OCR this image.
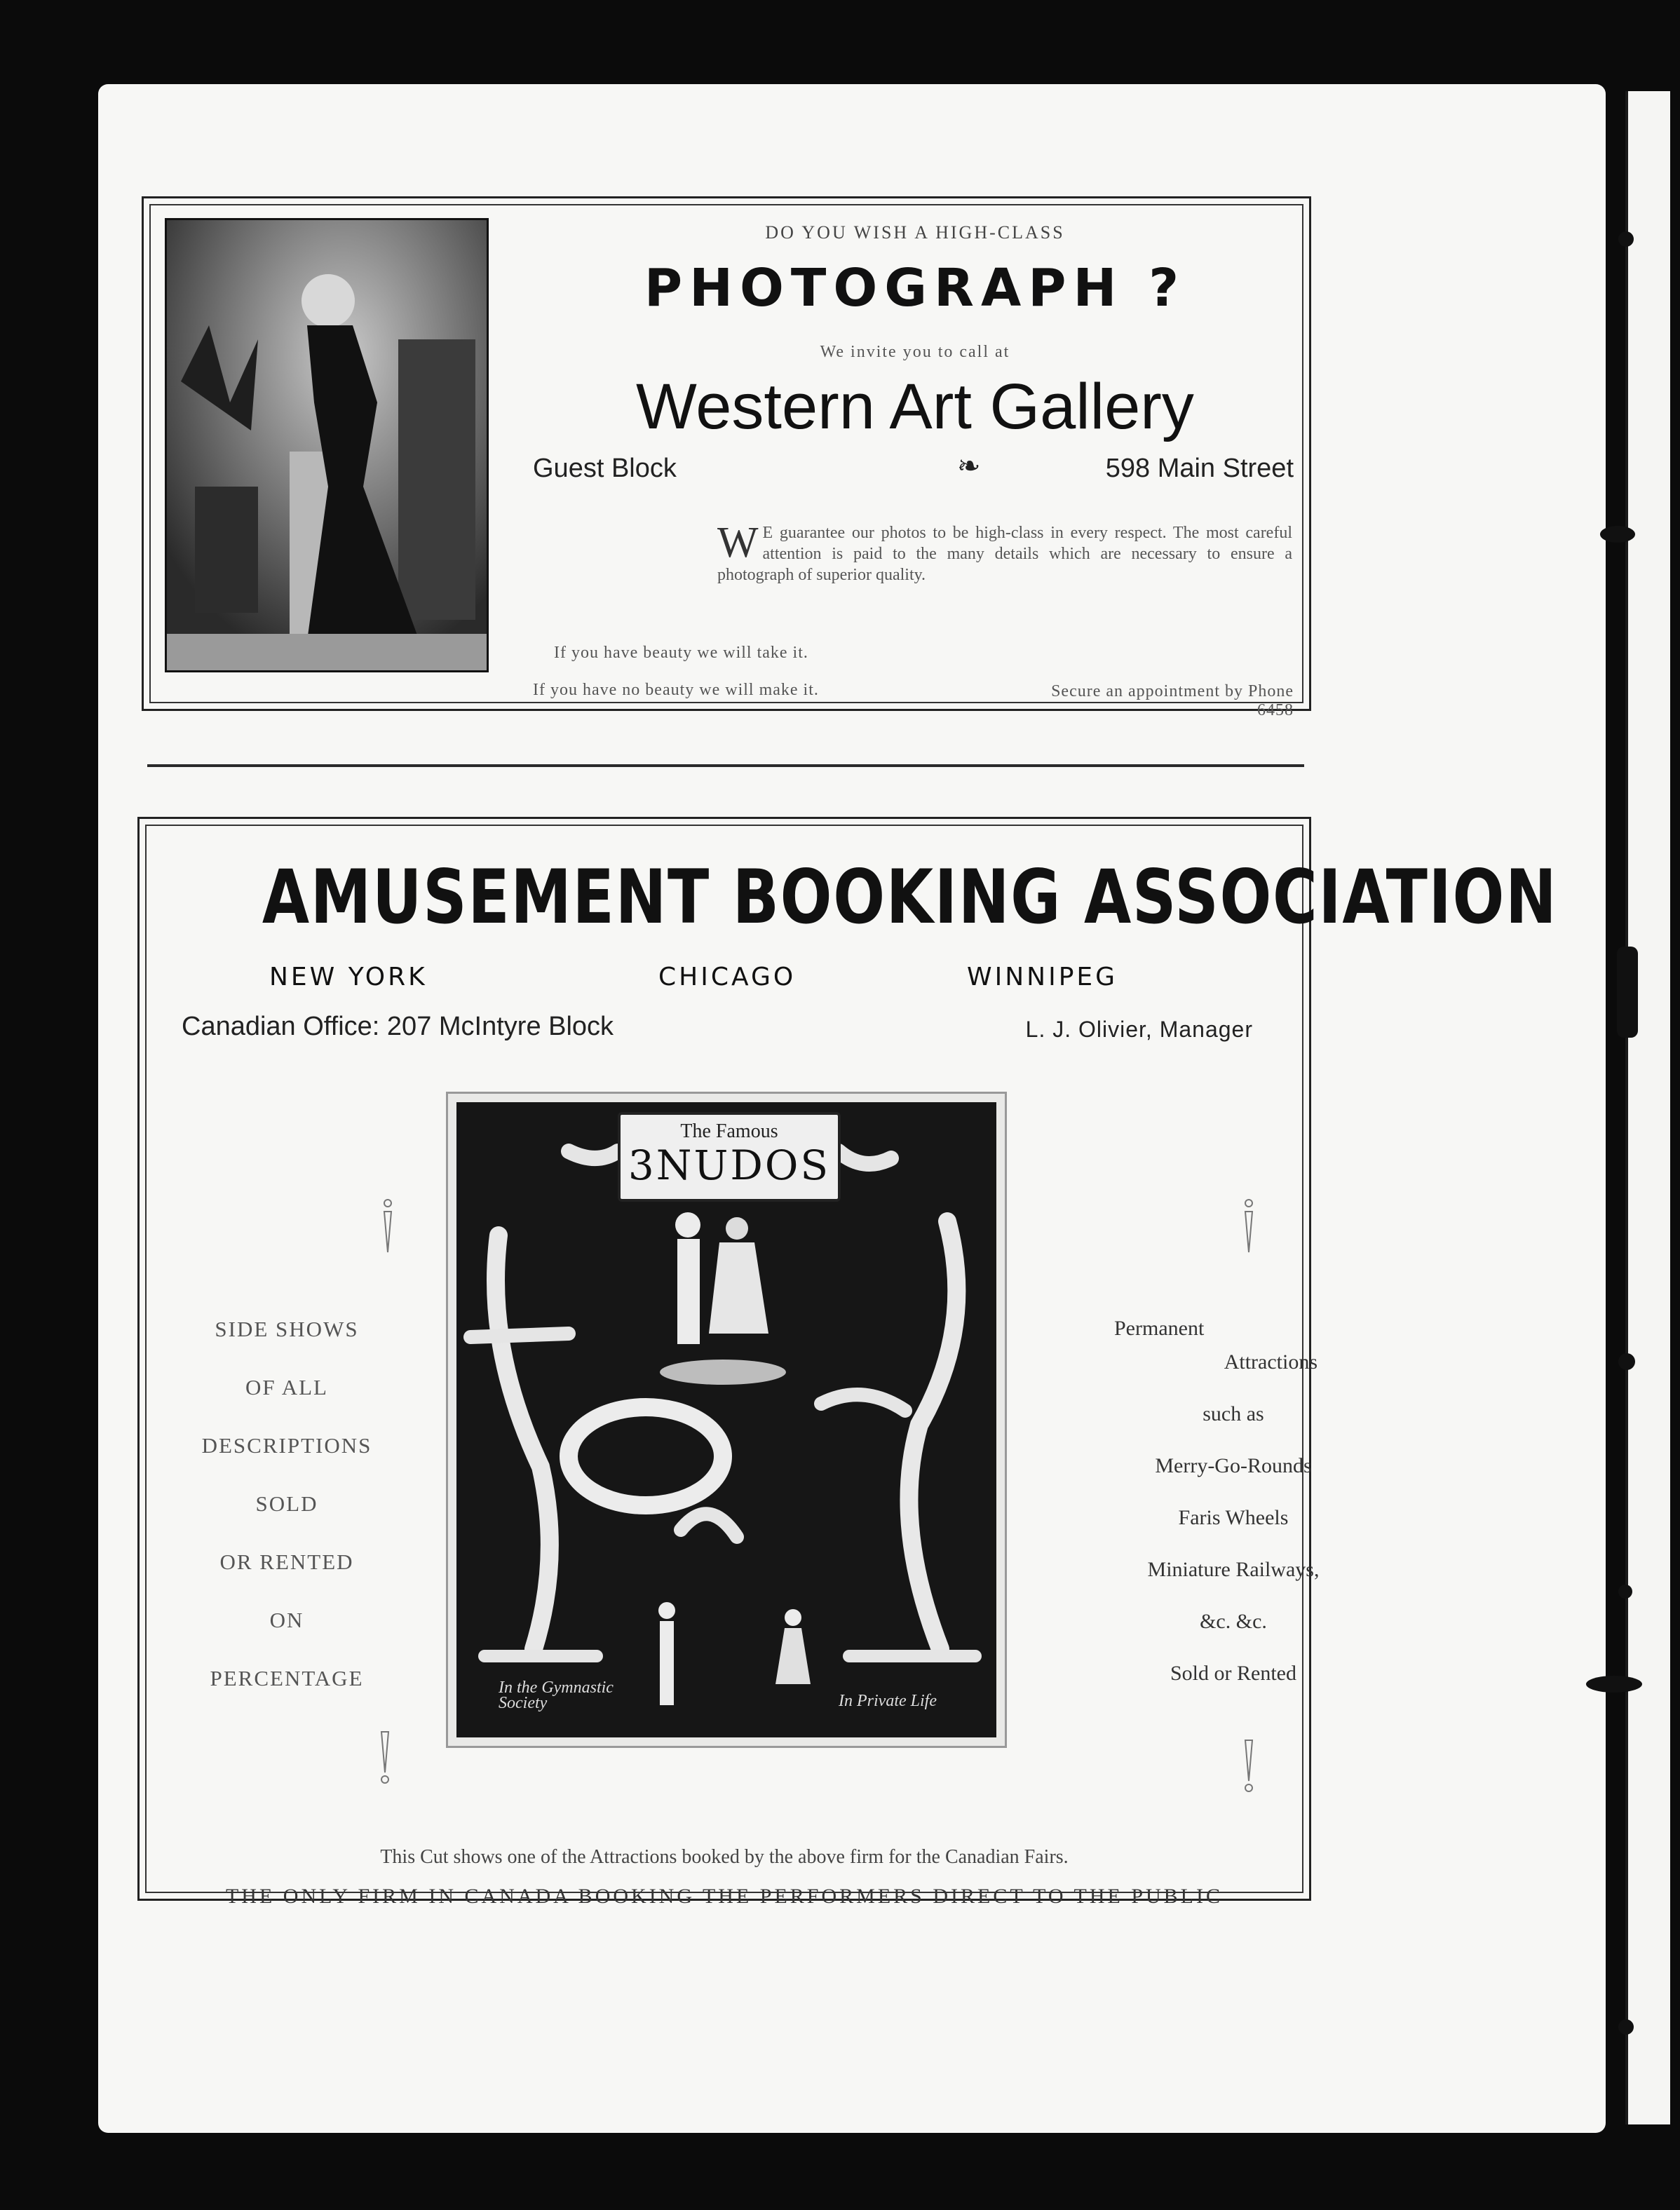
DO YOU WISH A HIGH-CLASS
PHOTOGRAPH ?
We invite you to call at
Western Art Gallery
Guest Block	❧	598 Main Street
W E guarantee our photos to be high-class in every respect. The most careful attention is paid to the many details which are necessary to ensure a photograph of superior quality.
If you have beauty we will take it.
If you have no beauty we will make it.	Secure an appointment by Phone 6458
AMUSEMENT BOOKING ASSOCIATION
NEW YORK	CHICAGO	WINNIPEG
Canadian Office: 207 McIntyre Block	L. J. Olivier, Manager
SIDE SHOWS
OF ALL
DESCRIPTIONS
SOLD
OR RENTED
ON
PERCENTAGE
The Famous
3NUDOS
In the Gymnastic Society	In Private Life
Permanent
Attractions
such as
Merry-Go-Rounds
Faris Wheels
Miniature Railways,
&c. &c.
Sold or Rented
This Cut shows one of the Attractions booked by the above firm for the Canadian Fairs.
THE ONLY FIRM IN CANADA BOOKING THE PERFORMERS DIRECT TO THE PUBLIC
